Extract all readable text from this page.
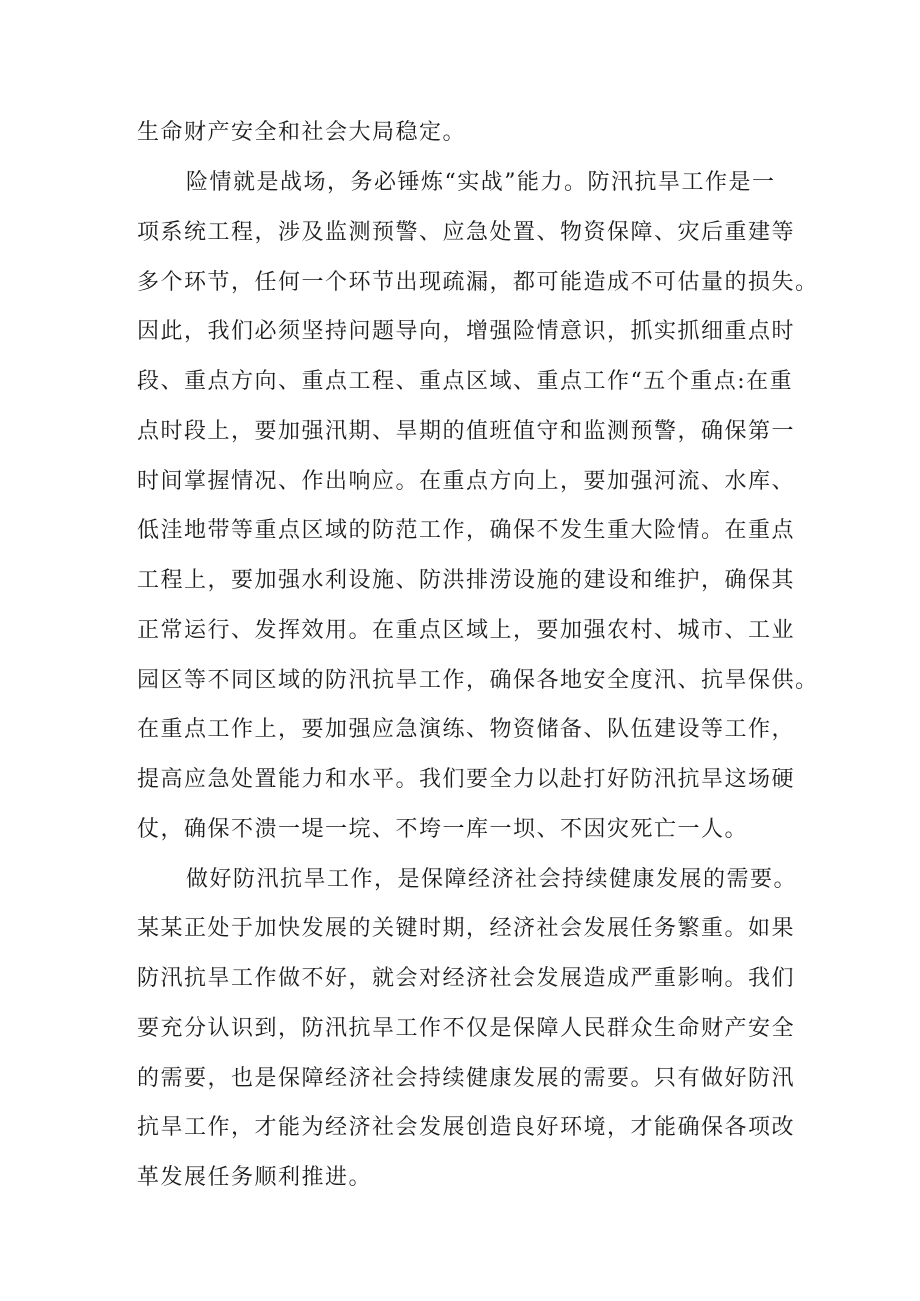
生命财产安全和社会大局稳定。
险情就是战场，务必锤炼“实战”能力。防汛抗旱工作是一
项系统工程，涉及监测预警、应急处置、物资保障、灾后重建等
多个环节，任何一个环节出现疏漏，都可能造成不可估量的损失。
因此，我们必须坚持问题导向，增强险情意识，抓实抓细重点时
段、重点方向、重点工程、重点区域、重点工作“五个重点:在重
点时段上，要加强汛期、旱期的值班值守和监测预警，确保第一
时间掌握情况、作出响应。在重点方向上，要加强河流、水库、
低洼地带等重点区域的防范工作，确保不发生重大险情。在重点
工程上，要加强水利设施、防洪排涝设施的建设和维护，确保其
正常运行、发挥效用。在重点区域上，要加强农村、城市、工业
园区等不同区域的防汛抗旱工作，确保各地安全度汛、抗旱保供。
在重点工作上，要加强应急演练、物资储备、队伍建设等工作，
提高应急处置能力和水平。我们要全力以赴打好防汛抗旱这场硬
仗，确保不溃一堤一垸、不垮一库一坝、不因灾死亡一人。
做好防汛抗旱工作，是保障经济社会持续健康发展的需要。
某某正处于加快发展的关键时期，经济社会发展任务繁重。如果
防汛抗旱工作做不好，就会对经济社会发展造成严重影响。我们
要充分认识到，防汛抗旱工作不仅是保障人民群众生命财产安全
的需要，也是保障经济社会持续健康发展的需要。只有做好防汛
抗旱工作，才能为经济社会发展创造良好环境，才能确保各项改
革发展任务顺利推进。
